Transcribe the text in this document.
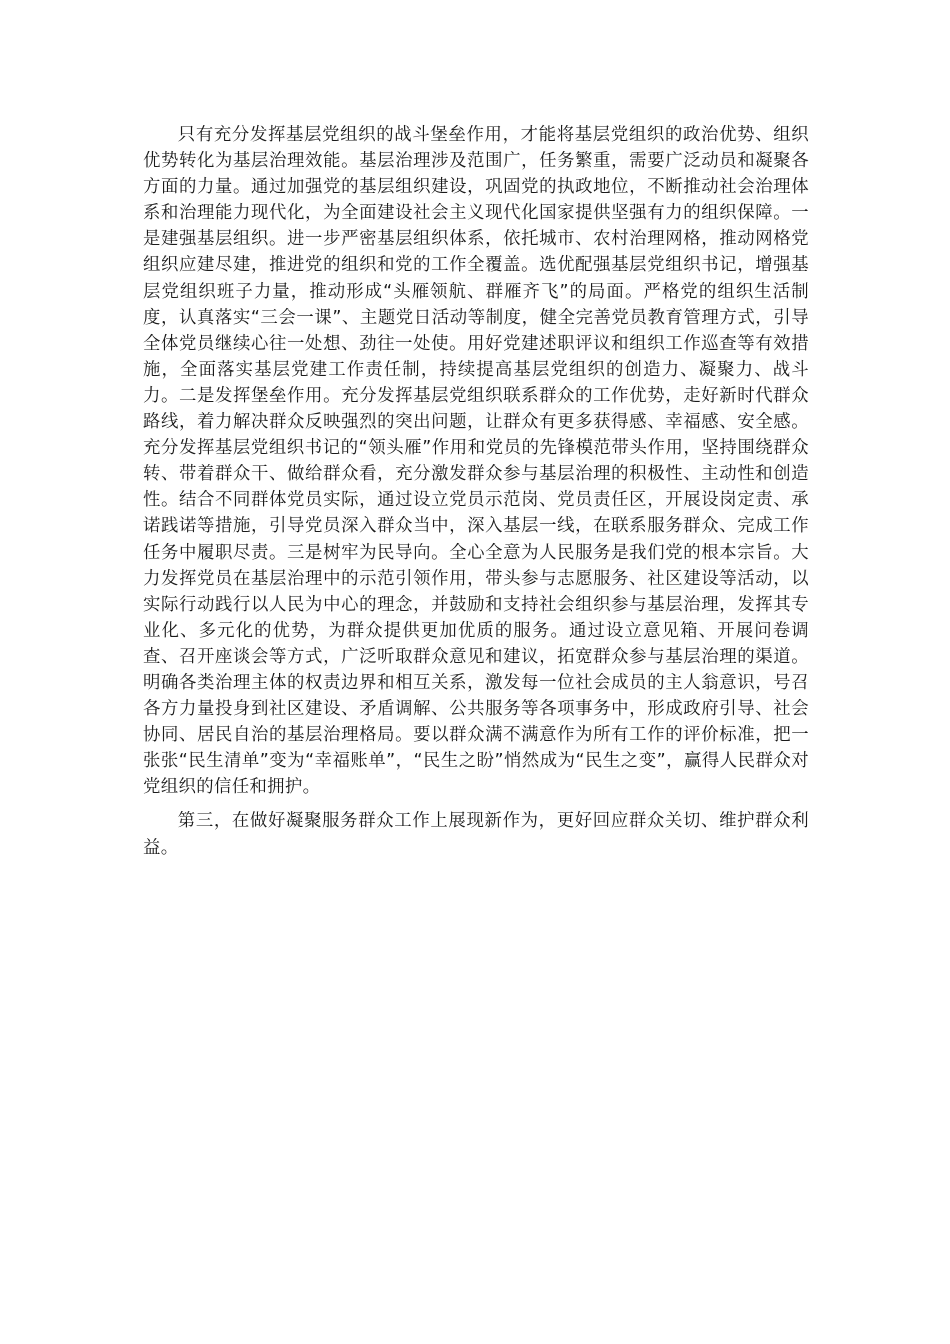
只有充分发挥基层党组织的战斗堡垒作用，才能将基层党组织的政治优势、组织优势转化为基层治理效能。基层治理涉及范围广，任务繁重，需要广泛动员和凝聚各方面的力量。通过加强党的基层组织建设，巩固党的执政地位，不断推动社会治理体系和治理能力现代化，为全面建设社会主义现代化国家提供坚强有力的组织保障。一是建强基层组织。进一步严密基层组织体系，依托城市、农村治理网格，推动网格党组织应建尽建，推进党的组织和党的工作全覆盖。选优配强基层党组织书记，增强基层党组织班子力量，推动形成“头雁领航、群雁齐飞”的局面。严格党的组织生活制度，认真落实“三会一课”、主题党日活动等制度，健全完善党员教育管理方式，引导全体党员继续心往一处想、劲往一处使。用好党建述职评议和组织工作巡查等有效措施，全面落实基层党建工作责任制，持续提高基层党组织的创造力、凝聚力、战斗力。二是发挥堡垒作用。充分发挥基层党组织联系群众的工作优势，走好新时代群众路线，着力解决群众反映强烈的突出问题，让群众有更多获得感、幸福感、安全感。充分发挥基层党组织书记的“领头雁”作用和党员的先锋模范带头作用，坚持围绕群众转、带着群众干、做给群众看，充分激发群众参与基层治理的积极性、主动性和创造性。结合不同群体党员实际，通过设立党员示范岗、党员责任区，开展设岗定责、承诺践诺等措施，引导党员深入群众当中，深入基层一线，在联系服务群众、完成工作任务中履职尽责。三是树牢为民导向。全心全意为人民服务是我们党的根本宗旨。大力发挥党员在基层治理中的示范引领作用，带头参与志愿服务、社区建设等活动，以实际行动践行以人民为中心的理念，并鼓励和支持社会组织参与基层治理，发挥其专业化、多元化的优势，为群众提供更加优质的服务。通过设立意见箱、开展问卷调查、召开座谈会等方式，广泛听取群众意见和建议，拓宽群众参与基层治理的渠道。明确各类治理主体的权责边界和相互关系，激发每一位社会成员的主人翁意识，号召各方力量投身到社区建设、矛盾调解、公共服务等各项事务中，形成政府引导、社会协同、居民自治的基层治理格局。要以群众满不满意作为所有工作的评价标准，把一张张“民生清单”变为“幸福账单”，“民生之盼”悄然成为“民生之变”，赢得人民群众对党组织的信任和拥护。

第三，在做好凝聚服务群众工作上展现新作为，更好回应群众关切、维护群众利益。
